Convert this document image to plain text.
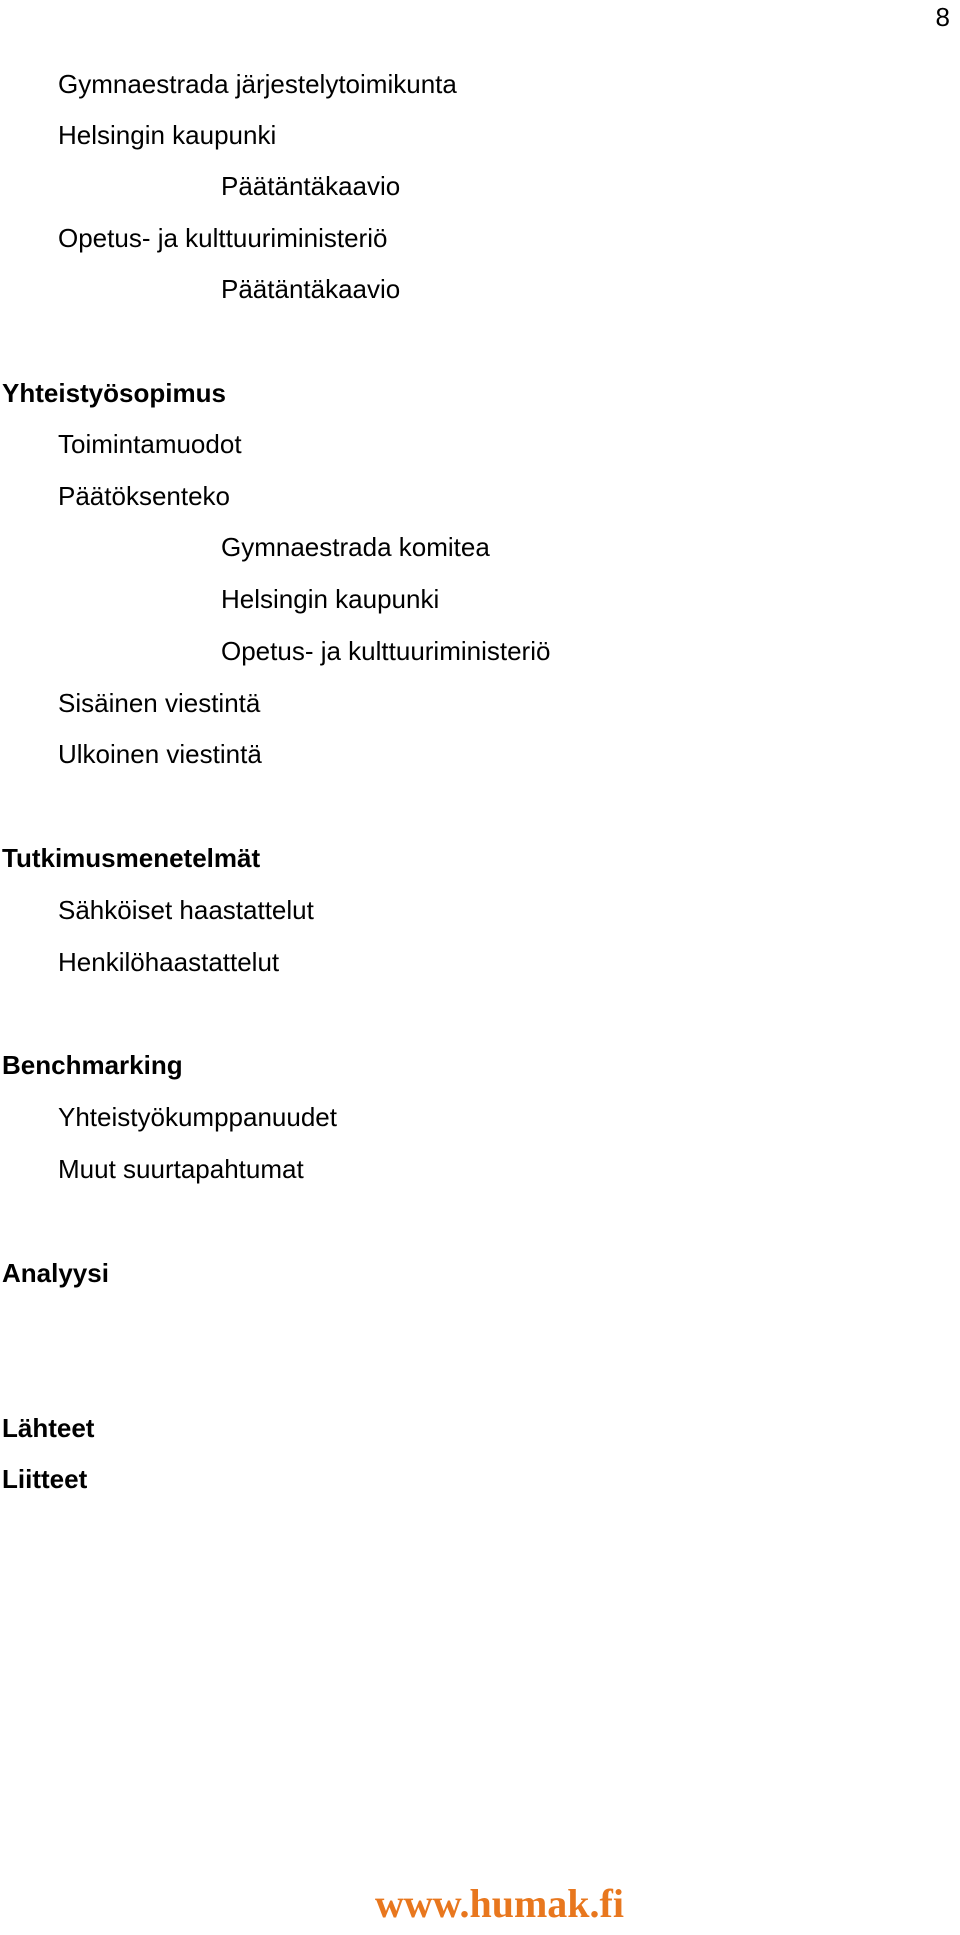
8
Gymnaestrada järjestelytoimikunta
Helsingin kaupunki
Päätäntäkaavio
Opetus- ja kulttuuriministeriö
Päätäntäkaavio
Yhteistyösopimus
Toimintamuodot
Päätöksenteko
Gymnaestrada komitea
Helsingin kaupunki
Opetus- ja kulttuuriministeriö
Sisäinen viestintä
Ulkoinen viestintä
Tutkimusmenetelmät
Sähköiset haastattelut
Henkilöhaastattelut
Benchmarking
Yhteistyökumppanuudet
Muut suurtapahtumat
Analyysi
Lähteet
Liitteet
www.humak.fi
